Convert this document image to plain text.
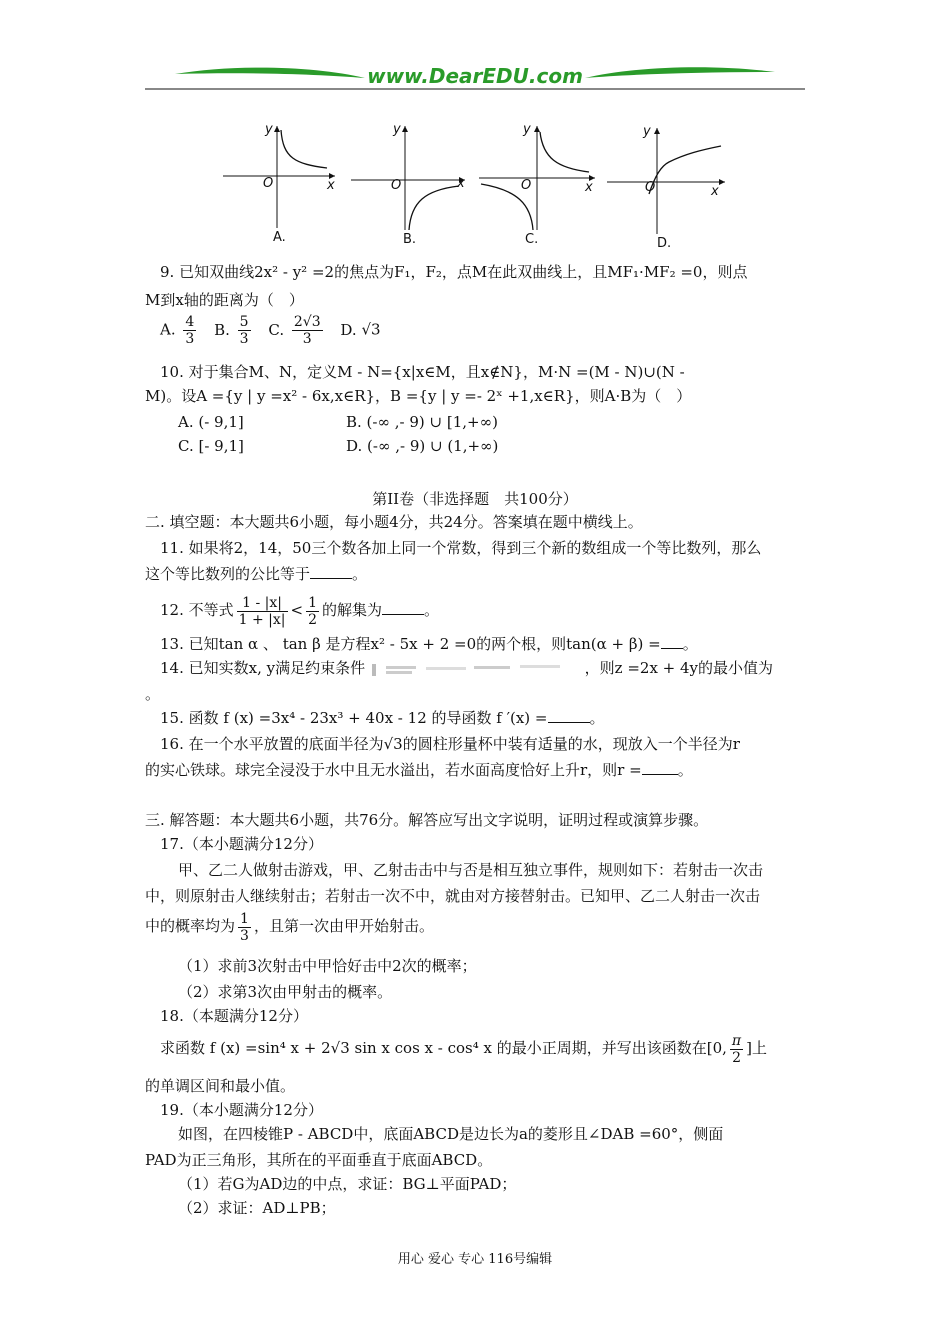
www.DearEDU.com
y
x
O
y
x
O
y
x
O
y
x
O
A.	B.	C.	D.
9. 已知双曲线2x² - y² =2的焦点为F₁，F₂，点M在此双曲线上，且MF₁·MF₂ =0，则点
M到x轴的距离为（　）
A. $\frac{4}{3} B$. $\frac{5}{3} C$. $\frac{2√3}{3} D$. √3
10. 对于集合M、N，定义M - N={x|x∈M，且x∉N}，M·N =(M - N)∪(N -
M)。设A ={y | y =x² - 6x,x∈R}，B ={y | y =- 2ˣ +1,x∈R}，则A·B为（　）
A. (- 9,1]	B. (-∞ ,- 9) ∪ [1,+∞)
C. [- 9,1]	D. (-∞ ,- 9) ∪ (1,+∞)
第II卷（非选择题　共100分）
二. 填空题：本大题共6小题，每小题4分，共24分。答案填在题中横线上。
11. 如果将2，14，50三个数各加上同一个常数，得到三个新的数组成一个等比数列，那么
这个等比数列的公比等于	。
12. 不等式 $\frac{1 - |x|}{1 + |x|} < \frac{1}{2}$ 的解集为	。
13. 已知tan α 、 tan β 是方程x² - 5x + 2 =0的两个根，则tan(α + β) = 。
14. 已知实数x, y满足约束条件	，则z =2x + 4y的最小值为
。
15. 函数 f (x) =3x⁴ - 23x³ + 40x - 12 的导函数 f ′(x) =	。
16. 在一个水平放置的底面半径为√3的圆柱形量杯中装有适量的水，现放入一个半径为r
的实心铁球。球完全浸没于水中且无水溢出，若水面高度恰好上升r，则r = 。
三. 解答题：本大题共6小题，共76分。解答应写出文字说明，证明过程或演算步骤。
17.（本小题满分12分）
甲、乙二人做射击游戏，甲、乙射击击中与否是相互独立事件，规则如下：若射击一次击
中，则原射击人继续射击；若射击一次不中，就由对方接替射击。已知甲、乙二人射击一次击
中的概率均为 $\frac{1}{3}$ ，且第一次由甲开始射击。
（1）求前3次射击中甲恰好击中2次的概率；
（2）求第3次由甲射击的概率。
18.（本题满分12分）
求函数 f (x) =sin⁴ x + 2√3 sin x cos x - cos⁴ x 的最小正周期，并写出该函数在[0, $\frac{\pi}{2}$ ]上
的单调区间和最小值。
19.（本小题满分12分）
如图，在四棱锥P - ABCD中，底面ABCD是边长为a的菱形且∠DAB =60°，侧面
PAD为正三角形，其所在的平面垂直于底面ABCD。
（1）若G为AD边的中点，求证：BG⊥平面PAD；
（2）求证：AD⊥PB；
用心 爱心 专心 116号编辑
